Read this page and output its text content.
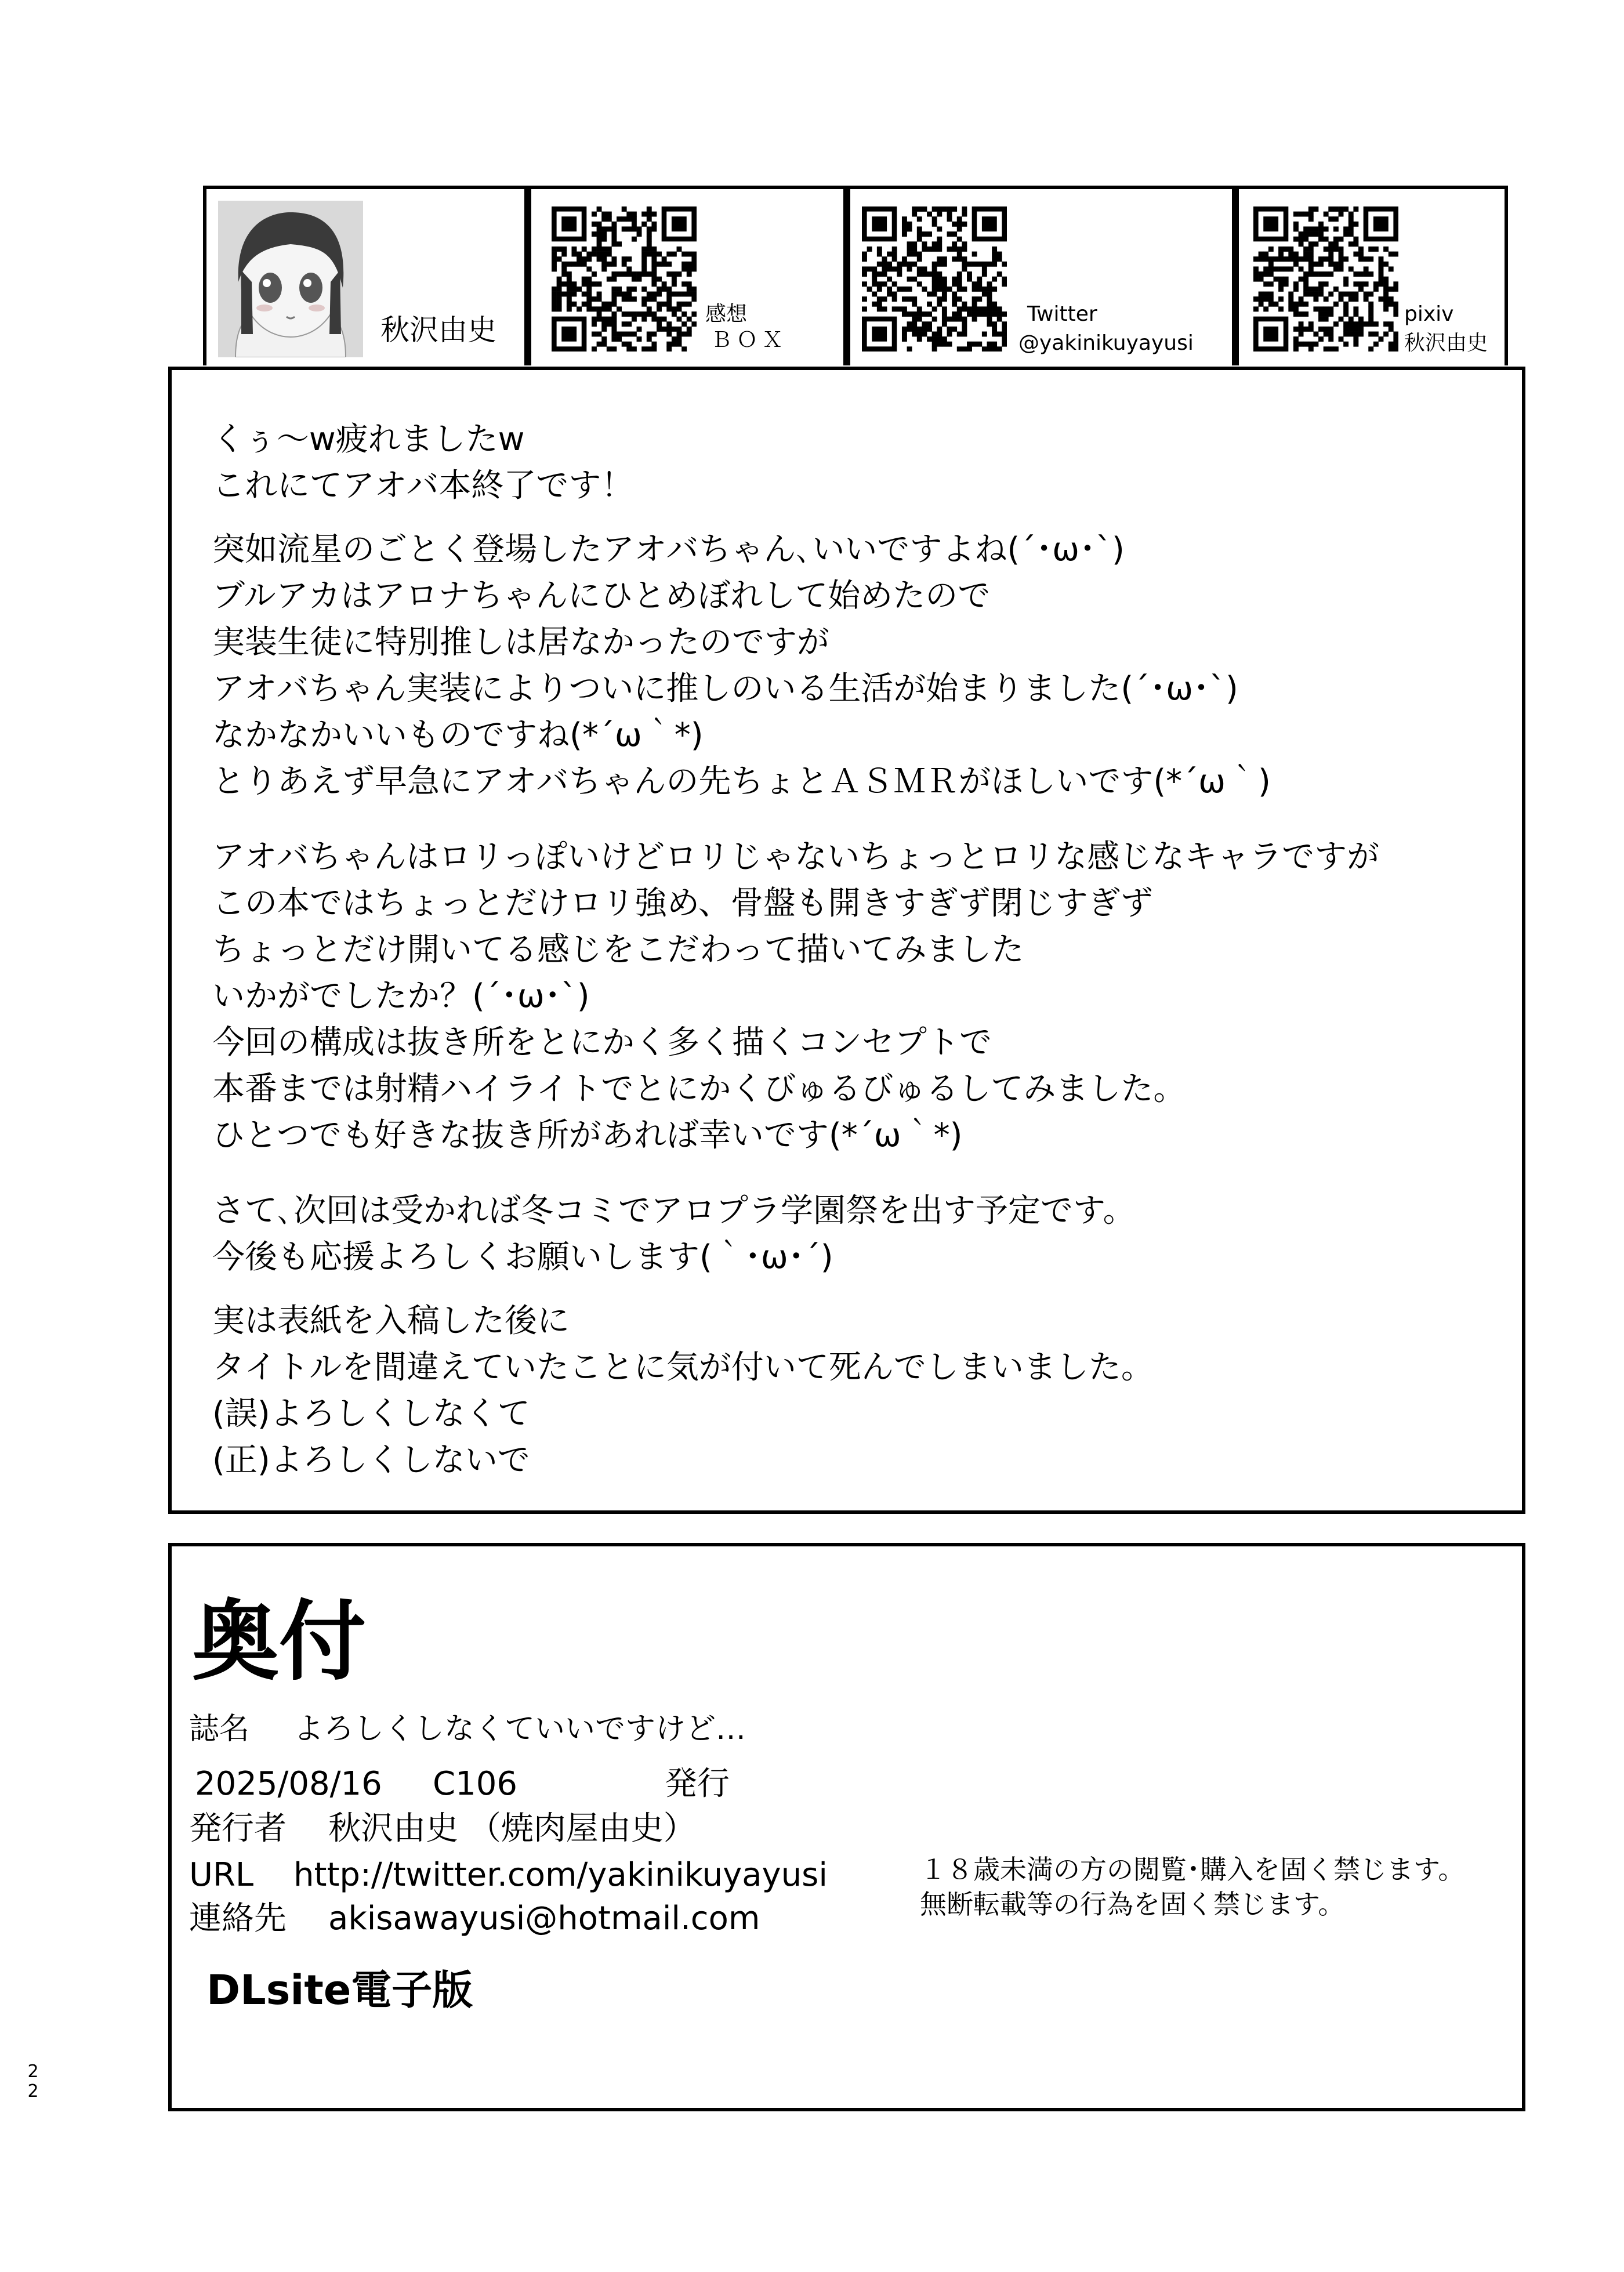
秋沢由史	感想
ＢＯＸ
Twitter
@yakinikuyayusi
pixiv
秋沢由史
くぅ～w疲れましたw
これにてアオバ本終了です！
突如流星のごとく登場したアオバちゃん､いいですよね(´･ω･`)
ブルアカはアロナちゃんにひとめぼれして始めたので
実装生徒に特別推しは居なかったのですが
アオバちゃん実装によりついに推しのいる生活が始まりました(´･ω･`)
なかなかいいものですね(*´ω｀*)
とりあえず早急にアオバちゃんの先ちょとＡＳＭＲがほしいです(*´ω｀)
アオバちゃんはロリっぽいけどロリじゃないちょっとロリな感じなキャラですが
この本ではちょっとだけロリ強め、骨盤も開きすぎず閉じすぎず
ちょっとだけ開いてる感じをこだわって描いてみました
いかがでしたか？(´･ω･`)
今回の構成は抜き所をとにかく多く描くコンセプトで
本番までは射精ハイライトでとにかくびゅるびゅるしてみました。
ひとつでも好きな抜き所があれば幸いです(*´ω｀*)
さて､次回は受かれば冬コミでアロプラ学園祭を出す予定です。
今後も応援よろしくお願いします(｀･ω･´)
実は表紙を入稿した後に
タイトルを間違えていたことに気が付いて死んでしまいました。
(誤)よろしくしなくて
(正)よろしくしないで
奥付
誌名 よろしくしなくていいですけど…
2025/08/16 C106	発行
発行者 秋沢由史 （焼肉屋由史）
URL http://twitter.com/yakinikuyayusi
連絡先 akisawayusi@hotmail.com
DLsite電子版
１８歳未満の方の閲覧･購入を固く禁じます。
無断転載等の行為を固く禁じます。
2
2
